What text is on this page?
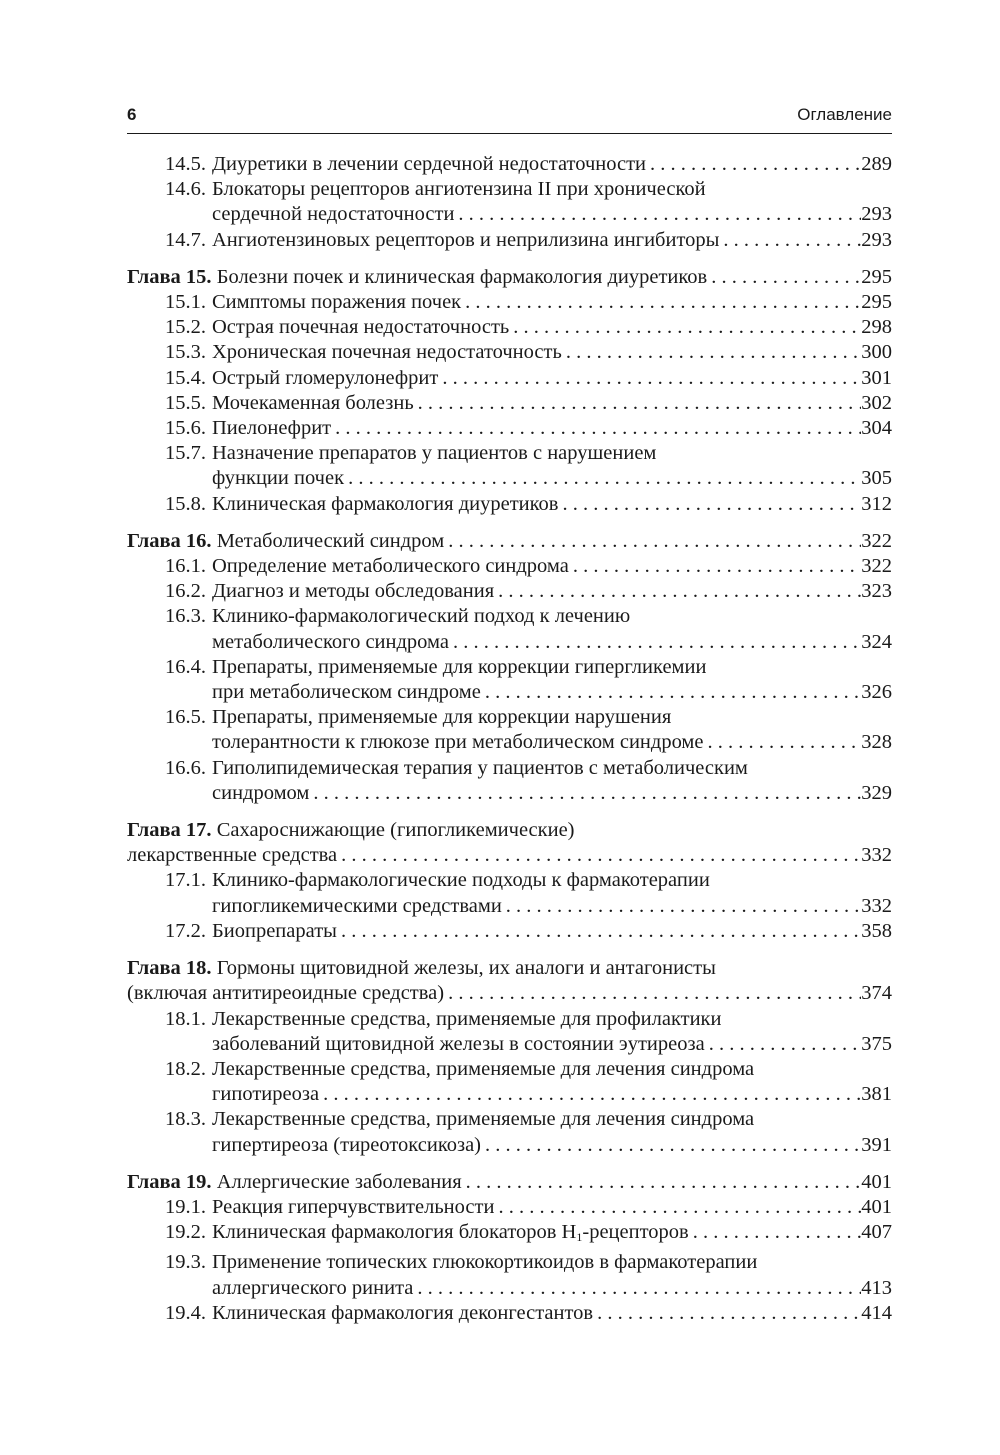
6	Оглавление
14.5. Диуретики в лечении сердечной недостаточности . . .	289
14.6. Блокаторы рецепторов ангиотензина II при хронической
сердечной недостаточности . . .	293
14.7. Ангиотензиновых рецепторов и неприлизина ингибиторы . . .	293
Глава 15. Болезни почек и клиническая фармакология диуретиков . . .	295
15.1. Симптомы поражения почек . . .	295
15.2. Острая почечная недостаточность . . .	298
15.3. Хроническая почечная недостаточность . . .	300
15.4. Острый гломерулонефрит . . .	301
15.5. Мочекаменная болезнь . . .	302
15.6. Пиелонефрит . . .	304
15.7. Назначение препаратов у пациентов с нарушением
функции почек . . .	305
15.8. Клиническая фармакология диуретиков . . .	312
Глава 16. Метаболический синдром . . .	322
16.1. Определение метаболического синдрома . . .	322
16.2. Диагноз и методы обследования . . .	323
16.3. Клинико-фармакологический подход к лечению
метаболического синдрома . . .	324
16.4. Препараты, применяемые для коррекции гипергликемии
при метаболическом синдроме . . .	326
16.5. Препараты, применяемые для коррекции нарушения
толерантности к глюкозе при метаболическом синдроме . . .	328
16.6. Гиполипидемическая терапия у пациентов с метаболическим
синдромом . . .	329
Глава 17. Сахароснижающие (гипогликемические)
лекарственные средства . . .	332
17.1. Клинико-фармакологические подходы к фармакотерапии
гипогликемическими средствами . . .	332
17.2. Биопрепараты . . .	358
Глава 18. Гормоны щитовидной железы, их аналоги и антагонисты
(включая антитиреоидные средства) . . .	374
18.1. Лекарственные средства, применяемые для профилактики
заболеваний щитовидной железы в состоянии эутиреоза . . .	375
18.2. Лекарственные средства, применяемые для лечения синдрома
гипотиреоза . . .	381
18.3. Лекарственные средства, применяемые для лечения синдрома
гипертиреоза (тиреотоксикоза) . . .	391
Глава 19. Аллергические заболевания . . .	401
19.1. Реакция гиперчувствительности . . .	401
19.2. Клиническая фармакология блокаторов $H_1$-рецепторов . . .	407
19.3. Применение топических глюкокортикоидов в фармакотерапии
аллергического ринита . . .	413
19.4. Клиническая фармакология деконгестантов . . .	414
